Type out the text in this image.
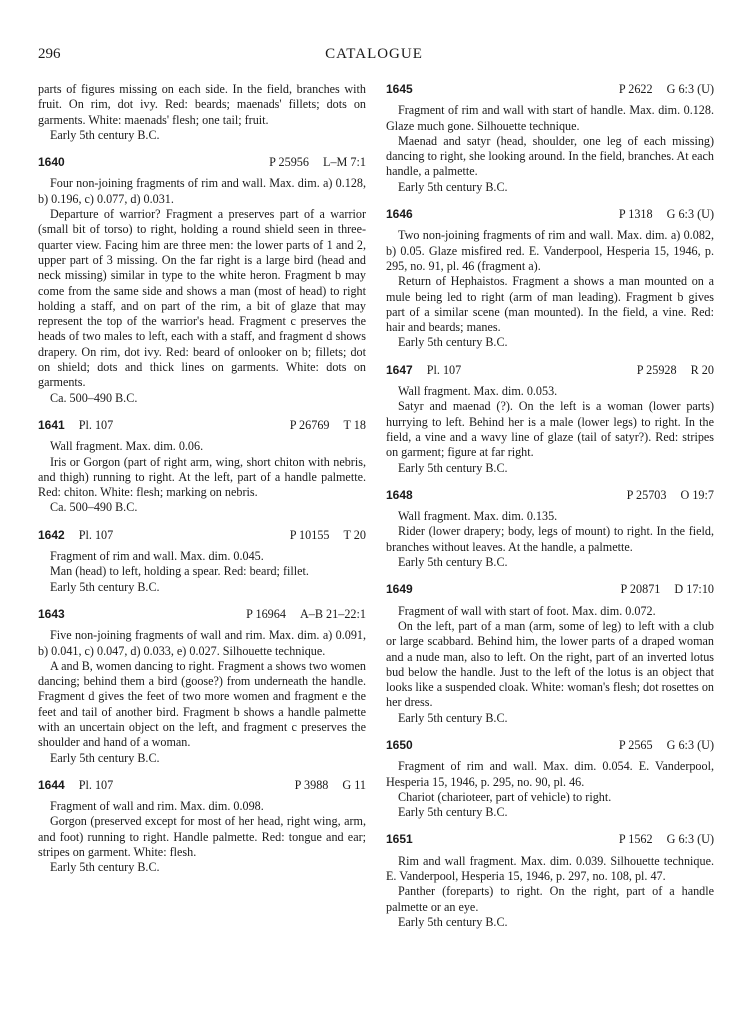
296	CATALOGUE

parts of figures missing on each side. In the field, branches with fruit. On rim, dot ivy. Red: beards; maenads' fillets; dots on garments. White: maenads' flesh; one tail; fruit.

Early 5th century B.C.

1640	P 25956 L–M 7:1

Four non-joining fragments of rim and wall. Max. dim. a) 0.128, b) 0.196, c) 0.077, d) 0.031.

Departure of warrior? Fragment a preserves part of a warrior (small bit of torso) to right, holding a round shield seen in three-quarter view. Facing him are three men: the lower parts of 1 and 2, upper part of 3 missing. On the far right is a large bird (head and neck missing) similar in type to the white heron. Fragment b may come from the same side and shows a man (most of head) to right holding a staff, and on part of the rim, a bit of glaze that may represent the top of the warrior's head. Fragment c preserves the heads of two males to left, each with a staff, and fragment d shows drapery. On rim, dot ivy. Red: beard of onlooker on b; fillets; dot on shield; dots and thick lines on garments. White: dots on garments.

Ca. 500–490 B.C.

1641 Pl. 107	P 26769 T 18

Wall fragment. Max. dim. 0.06.

Iris or Gorgon (part of right arm, wing, short chiton with nebris, and thigh) running to right. At the left, part of a handle palmette. Red: chiton. White: flesh; marking on nebris.

Ca. 500–490 B.C.

1642 Pl. 107	P 10155 T 20

Fragment of rim and wall. Max. dim. 0.045.

Man (head) to left, holding a spear. Red: beard; fillet.

Early 5th century B.C.

1643	P 16964 A–B 21–22:1

Five non-joining fragments of wall and rim. Max. dim. a) 0.091, b) 0.041, c) 0.047, d) 0.033, e) 0.027. Silhouette technique.

A and B, women dancing to right. Fragment a shows two women dancing; behind them a bird (goose?) from underneath the handle. Fragment d gives the feet of two more women and fragment e the feet and tail of another bird. Fragment b shows a handle palmette with an uncertain object on the left, and fragment c preserves the shoulder and hand of a woman.

Early 5th century B.C.

1644 Pl. 107	P 3988 G 11

Fragment of wall and rim. Max. dim. 0.098.

Gorgon (preserved except for most of her head, right wing, arm, and foot) running to right. Handle palmette. Red: tongue and ear; stripes on garment. White: flesh.

Early 5th century B.C.

1645	P 2622 G 6:3 (U)

Fragment of rim and wall with start of handle. Max. dim. 0.128. Glaze much gone. Silhouette technique.

Maenad and satyr (head, shoulder, one leg of each missing) dancing to right, she looking around. In the field, branches. At each handle, a palmette.

Early 5th century B.C.

1646	P 1318 G 6:3 (U)

Two non-joining fragments of rim and wall. Max. dim. a) 0.082, b) 0.05. Glaze misfired red. E. Vanderpool, Hesperia 15, 1946, p. 295, no. 91, pl. 46 (fragment a).

Return of Hephaistos. Fragment a shows a man mounted on a mule being led to right (arm of man leading). Fragment b gives part of a similar scene (man mounted). In the field, a vine. Red: hair and beards; manes.

Early 5th century B.C.

1647 Pl. 107	P 25928 R 20

Wall fragment. Max. dim. 0.053.

Satyr and maenad (?). On the left is a woman (lower parts) hurrying to left. Behind her is a male (lower legs) to right. In the field, a vine and a wavy line of glaze (tail of satyr?). Red: stripes on garment; figure at far right.

Early 5th century B.C.

1648	P 25703 O 19:7

Wall fragment. Max. dim. 0.135.

Rider (lower drapery; body, legs of mount) to right. In the field, branches without leaves. At the handle, a palmette.

Early 5th century B.C.

1649	P 20871 D 17:10

Fragment of wall with start of foot. Max. dim. 0.072.

On the left, part of a man (arm, some of leg) to left with a club or large scabbard. Behind him, the lower parts of a draped woman and a nude man, also to left. On the right, part of an inverted lotus bud below the handle. Just to the left of the lotus is an object that looks like a suspended cloak. White: woman's flesh; dot rosettes on her dress.

Early 5th century B.C.

1650	P 2565 G 6:3 (U)

Fragment of rim and wall. Max. dim. 0.054. E. Vanderpool, Hesperia 15, 1946, p. 295, no. 90, pl. 46.

Chariot (charioteer, part of vehicle) to right.

Early 5th century B.C.

1651	P 1562 G 6:3 (U)

Rim and wall fragment. Max. dim. 0.039. Silhouette technique. E. Vanderpool, Hesperia 15, 1946, p. 297, no. 108, pl. 47.

Panther (foreparts) to right. On the right, part of a handle palmette or an eye.

Early 5th century B.C.
